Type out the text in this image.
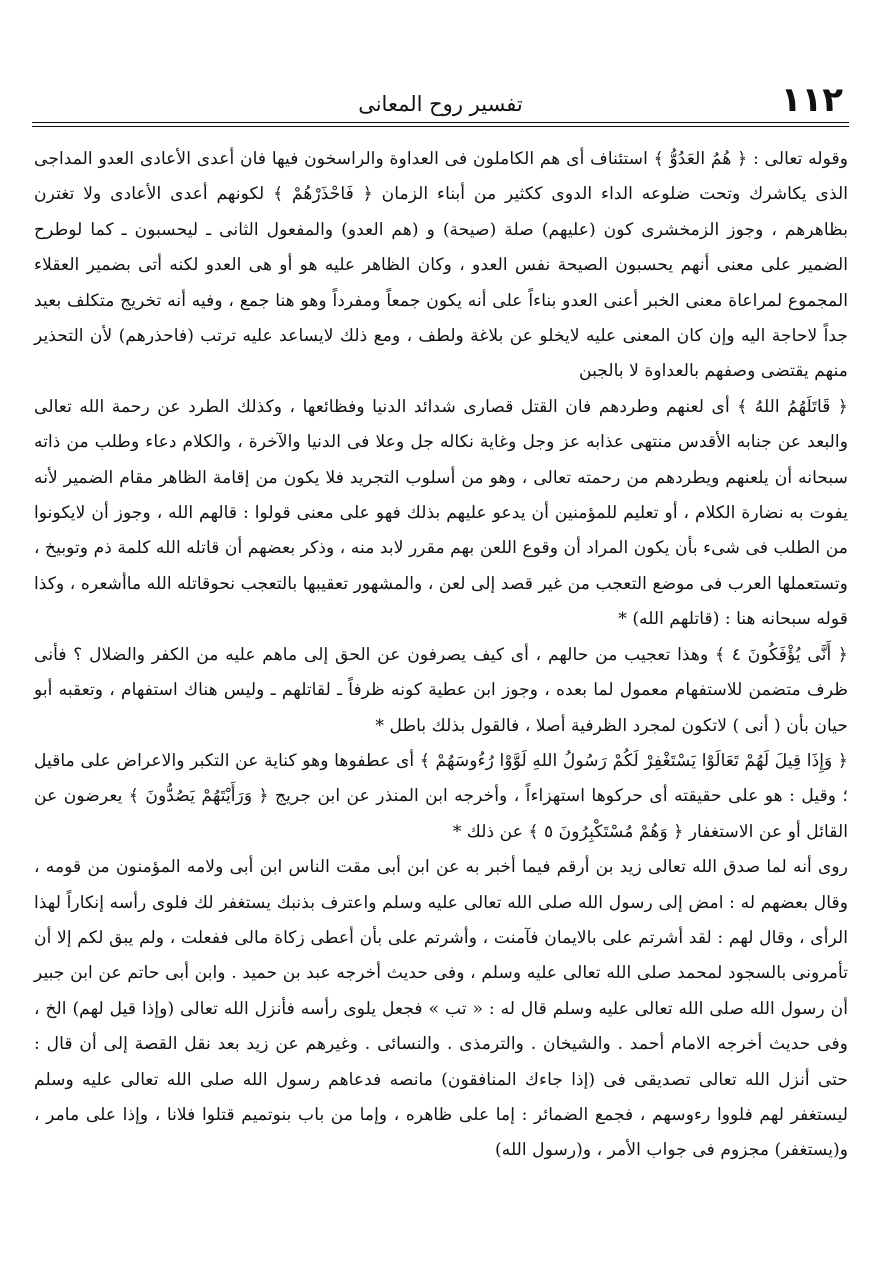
١١٢
تفسير روح المعانى

وقوله تعالى : ﴿ هُمُ العَدُوُّ ﴾ استئناف أى هم الكاملون فى العداوة والراسخون فيها فان أعدى الأعادى العدو المداجى الذى يكاشرك وتحت ضلوعه الداء الدوى ككثير من أبناء الزمان ﴿ فَاحْذَرْهُمْ ﴾ لكونهم أعدى الأعادى ولا تغترن بظاهرهم ، وجوز الزمخشرى كون (عليهم) صلة (صيحة) و (هم العدو) والمفعول الثانى ـ ليحسبون ـ كما لوطرح الضمير على معنى أنهم يحسبون الصيحة نفس العدو ، وكان الظاهر عليه هو أو هى العدو لكنه أتى بضمير العقلاء المجموع لمراعاة معنى الخبر أعنى العدو بناءاً على أنه يكون جمعاً ومفرداً وهو هنا جمع ، وفيه أنه تخريج متكلف بعيد جداً لاحاجة اليه وإن كان المعنى عليه لايخلو عن بلاغة ولطف ، ومع ذلك لايساعد عليه ترتب (فاحذرهم) لأن التحذير منهم يقتضى وصفهم بالعداوة لا بالجبن

﴿ قَاتَلَهُمُ اللهُ ﴾ أى لعنهم وطردهم فان القتل قصارى شدائد الدنيا وفظائعها ، وكذلك الطرد عن رحمة الله تعالى والبعد عن جنابه الأقدس منتهى عذابه عز وجل وغاية نكاله جل وعلا فى الدنيا والآخرة ، والكلام دعاء وطلب من ذاته سبحانه أن يلعنهم ويطردهم من رحمته تعالى ، وهو من أسلوب التجريد فلا يكون من إقامة الظاهر مقام الضمير لأنه يفوت به نضارة الكلام ، أو تعليم للمؤمنين أن يدعو عليهم بذلك فهو على معنى قولوا : قالهم الله ، وجوز أن لايكونوا من الطلب فى شىء بأن يكون المراد أن وقوع اللعن بهم مقرر لابد منه ، وذكر بعضهم أن قاتله الله كلمة ذم وتوبيخ ، وتستعملها العرب فى موضع التعجب من غير قصد إلى لعن ، والمشهور تعقيبها بالتعجب نحوقاتله الله ماأشعره ، وكذا قوله سبحانه هنا : (قاتلهم الله) *

﴿ أَنَّى يُؤْفَكُونَ ٤ ﴾ وهذا تعجيب من حالهم ، أى كيف يصرفون عن الحق إلى ماهم عليه من الكفر والضلال ؟ فأنى ظرف متضمن للاستفهام معمول لما بعده ، وجوز ابن عطية كونه ظرفاً ـ لقاتلهم ـ وليس هناك استفهام ، وتعقبه أبو حيان بأن ( أنى ) لاتكون لمجرد الظرفية أصلا ، فالقول بذلك باطل *

﴿ وَإِذَا قِيلَ لَهُمْ تَعَالَوْا يَسْتَغْفِرْ لَكُمْ رَسُولُ اللهِ لَوَّوْا رُءُوسَهُمْ ﴾ أى عطفوها وهو كناية عن التكبر والاعراض على ماقيل ؛ وقيل : هو على حقيقته أى حركوها استهزاءاً ، وأخرجه ابن المنذر عن ابن جريج ﴿ وَرَأَيْتَهُمْ يَصُدُّونَ ﴾ يعرضون عن القائل أو عن الاستغفار ﴿ وَهُمْ مُسْتَكْبِرُونَ ٥ ﴾ عن ذلك *

روى أنه لما صدق الله تعالى زيد بن أرقم فيما أخبر به عن ابن أبى مقت الناس ابن أبى ولامه المؤمنون من قومه ، وقال بعضهم له : امض إلى رسول الله صلى الله تعالى عليه وسلم واعترف بذنبك يستغفر لك فلوى رأسه إنكاراً لهذا الرأى ، وقال لهم : لقد أشرتم على بالايمان فآمنت ، وأشرتم على بأن أعطى زكاة مالى ففعلت ، ولم يبق لكم إلا أن تأمرونى بالسجود لمحمد صلى الله تعالى عليه وسلم ، وفى حديث أخرجه عبد بن حميد . وابن أبى حاتم عن ابن جبير أن رسول الله صلى الله تعالى عليه وسلم قال له : « تب » فجعل يلوى رأسه فأنزل الله تعالى (وإذا قيل لهم) الخ ، وفى حديث أخرجه الامام أحمد . والشيخان . والترمذى . والنسائى . وغيرهم عن زيد بعد نقل القصة إلى أن قال : حتى أنزل الله تعالى تصديقى فى (إذا جاءك المنافقون) مانصه فدعاهم رسول الله صلى الله تعالى عليه وسلم ليستغفر لهم فلووا رءوسهم ، فجمع الضمائر : إما على ظاهره ، وإما من باب بنوتميم قتلوا فلانا ، وإذا على مامر ، و(يستغفر) مجزوم فى جواب الأمر ، و(رسول الله)
